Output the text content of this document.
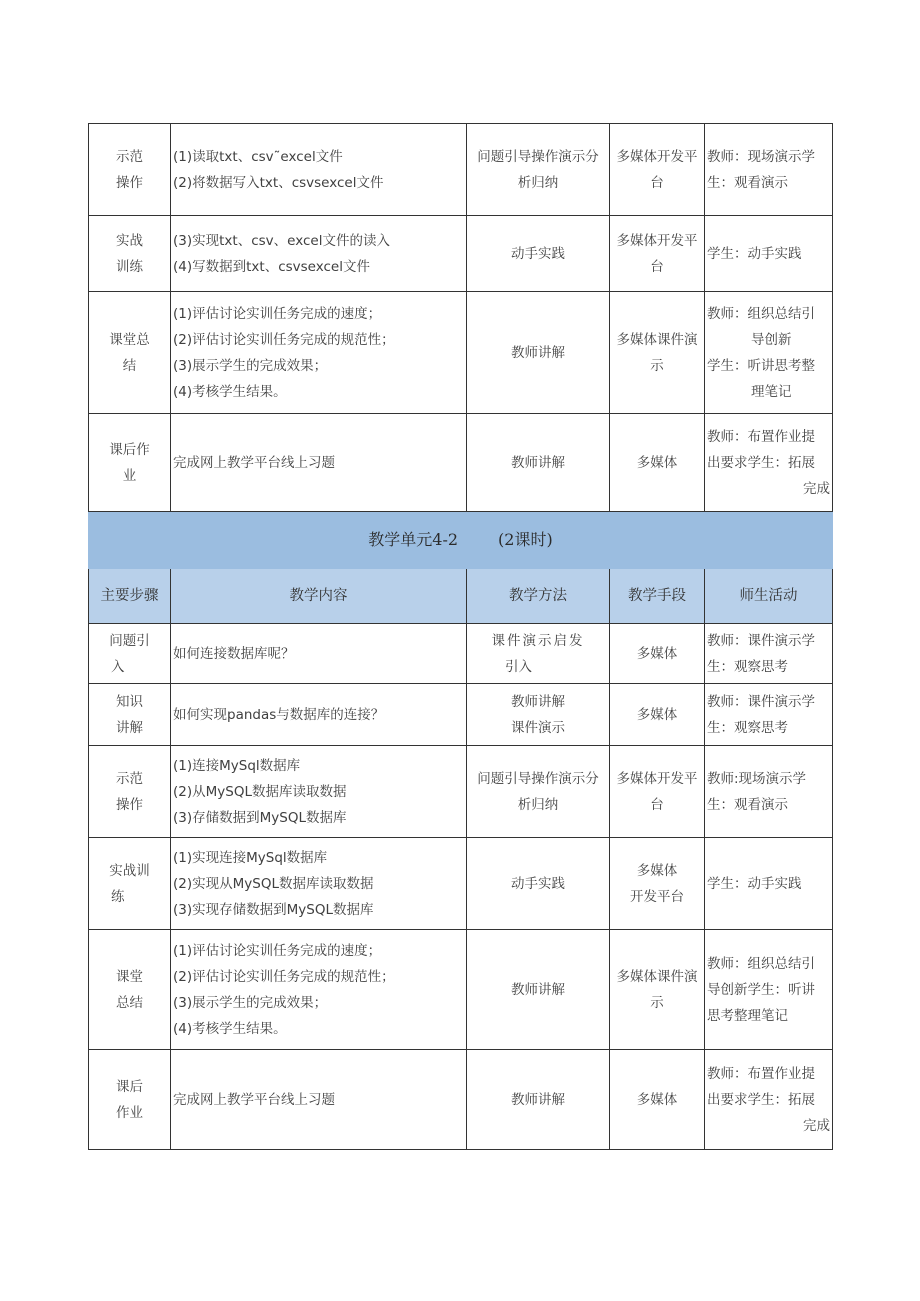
示范
操作	(1)读取txt、csv˜excel文件
(2)将数据写入txt、csvsexcel文件	问题引导操作演示分
析归纳	多媒体开发平
台	教师：现场演示学
生：观看演示

实战
训练	(3)实现txt、csv、excel文件的读入
(4)写数据到txt、csvsexcel文件	动手实践	多媒体开发平
台	学生：动手实践

课堂总
结	(1)评估讨论实训任务完成的速度；
(2)评估讨论实训任务完成的规范性；
(3)展示学生的完成效果；
(4)考核学生结果。	教师讲解	多媒体课件演
示	教师：组织总结引
导创新
学生：听讲思考整
理笔记

课后作
业	完成网上教学平台线上习题	教师讲解	多媒体	教师：布置作业提
出要求学生：拓展
完成

教学单元4-2 (2课时)				
主要步骤	教学内容	教学方法	教学手段	师生活动

问题引
入	如何连接数据库呢？	课件演示启发
引入	多媒体	教师：课件演示学
生：观察思考

知识
讲解	如何实现pandas与数据库的连接？	教师讲解
课件演示	多媒体	教师：课件演示学
生：观察思考

示范
操作	(1)连接MySql数据库
(2)从MySQL数据库读取数据
(3)存储数据到MySQL数据库	问题引导操作演示分
析归纳	多媒体开发平
台	教师:现场演示学
生：观看演示

实战训
练	(1)实现连接MySql数据库
(2)实现从MySQL数据库读取数据
(3)实现存储数据到MySQL数据库	动手实践	多媒体
开发平台	学生：动手实践

课堂
总结	(1)评估讨论实训任务完成的速度；
(2)评估讨论实训任务完成的规范性；
(3)展示学生的完成效果；
(4)考核学生结果。	教师讲解	多媒体课件演
示	教师：组织总结引
导创新学生：听讲
思考整理笔记

课后
作业	完成网上教学平台线上习题	教师讲解	多媒体	教师：布置作业提
出要求学生：拓展
完成
